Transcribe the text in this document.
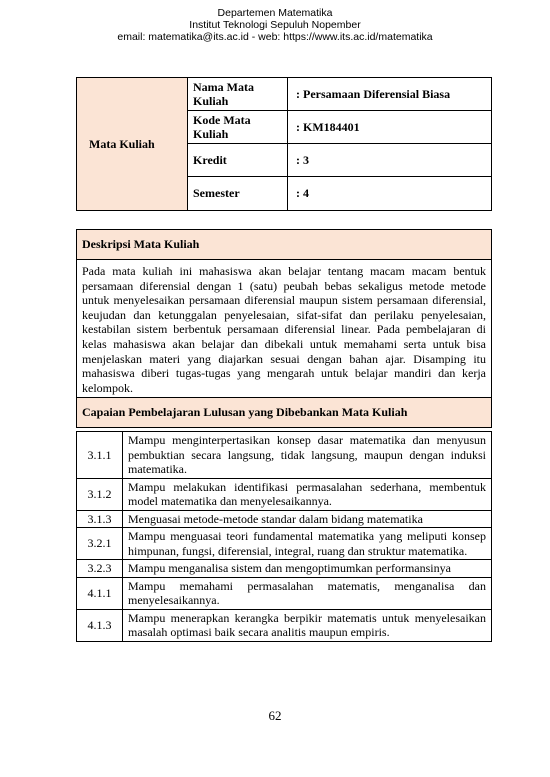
Departemen Matematika
Institut Teknologi Sepuluh Nopember
email: matematika@its.ac.id - web: https://www.its.ac.id/matematika
Mata Kuliah	Nama Mata Kuliah	: Persamaan Diferensial Biasa
	Kode Mata Kuliah	: KM184401
	Kredit	: 3
	Semester	: 4
Deskripsi Mata Kuliah
Pada mata kuliah ini mahasiswa akan belajar tentang macam macam bentuk persamaan diferensial dengan 1 (satu) peubah bebas sekaligus metode metode untuk menyelesaikan persamaan diferensial maupun sistem persamaan diferensial, keujudan dan ketunggalan penyelesaian, sifat-sifat dan perilaku penyelesaian, kestabilan sistem berbentuk persamaan diferensial linear. Pada pembelajaran di kelas mahasiswa akan belajar dan dibekali untuk memahami serta untuk bisa menjelaskan materi yang diajarkan sesuai dengan bahan ajar. Disamping itu mahasiswa diberi tugas-tugas yang mengarah untuk belajar mandiri dan kerja kelompok.
Capaian Pembelajaran Lulusan yang Dibebankan Mata Kuliah
3.1.1	Mampu menginterpertasikan konsep dasar matematika dan menyusun pembuktian secara langsung, tidak langsung, maupun dengan induksi matematika.
3.1.2	Mampu melakukan identifikasi permasalahan sederhana, membentuk model matematika dan menyelesaikannya.
3.1.3	Menguasai metode-metode standar dalam bidang matematika
3.2.1	Mampu menguasai teori fundamental matematika yang meliputi konsep himpunan, fungsi, diferensial, integral, ruang dan struktur matematika.
3.2.3	Mampu menganalisa sistem dan mengoptimumkan performansinya
4.1.1	Mampu memahami permasalahan matematis, menganalisa dan menyelesaikannya.
4.1.3	Mampu menerapkan kerangka berpikir matematis untuk menyelesaikan masalah optimasi baik secara analitis maupun empiris.
62
